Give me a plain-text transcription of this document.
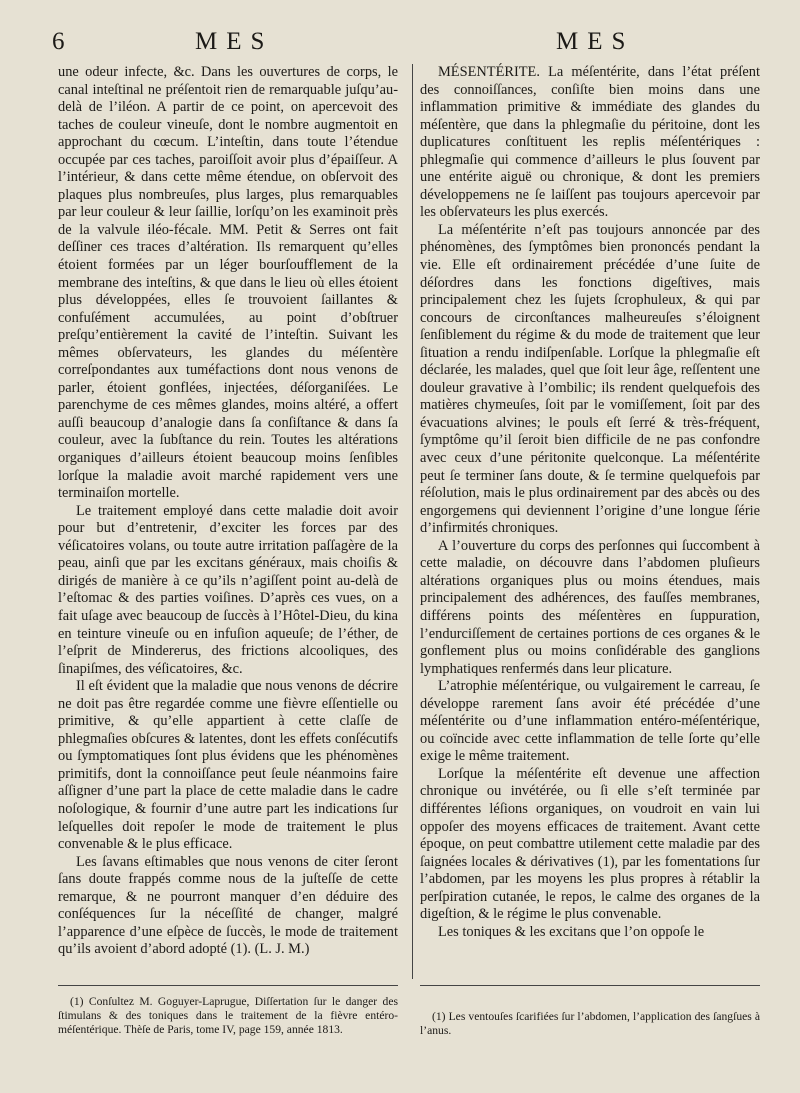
6	MES	MES

une odeur infecte, &c. Dans les ouvertures de corps, le canal inteſtinal ne préſentoit rien de remarquable juſqu’au-delà de l’iléon. A partir de ce point, on apercevoit des taches de couleur vineuſe, dont le nombre augmentoit en approchant du cœcum. L’inteſtin, dans toute l’étendue occupée par ces taches, paroiſſoit avoir plus d’épaiſſeur. A l’intérieur, & dans cette même étendue, on obſervoit des plaques plus nombreuſes, plus larges, plus remarquables par leur couleur & leur ſaillie, lorſqu’on les examinoit près de la valvule iléo-fécale. MM. Petit & Serres ont fait deſſiner ces traces d’altération. Ils remarquent qu’elles étoient formées par un léger bourſoufflement de la membrane des inteſtins, & que dans le lieu où elles étoient plus développées, elles ſe trouvoient ſaillantes & confuſément accumulées, au point d’obſtruer preſqu’entièrement la cavité de l’inteſtin. Suivant les mêmes obſervateurs, les glandes du méſentère correſpondantes aux tuméfactions dont nous venons de parler, étoient gonflées, injectées, déſorganiſées. Le parenchyme de ces mêmes glandes, moins altéré, a offert auſſi beaucoup d’analogie dans ſa conſiſtance & dans ſa couleur, avec la ſubſtance du rein. Toutes les altérations organiques d’ailleurs étoient beaucoup moins ſenſibles lorſque la maladie avoit marché rapidement vers une terminaiſon mortelle.

Le traitement employé dans cette maladie doit avoir pour but d’entretenir, d’exciter les forces par des véſicatoires volans, ou toute autre irritation paſſagère de la peau, ainſi que par les excitans généraux, mais choiſis & dirigés de manière à ce qu’ils n’agiſſent point au-delà de l’eſtomac & des parties voiſines. D’après ces vues, on a fait uſage avec beaucoup de ſuccès à l’Hôtel-Dieu, du kina en teinture vineuſe ou en infuſion aqueuſe; de l’éther, de l’eſprit de Mindererus, des frictions alcooliques, des ſinapiſmes, des véſicatoires, &c.

Il eſt évident que la maladie que nous venons de décrire ne doit pas être regardée comme une fièvre eſſentielle ou primitive, & qu’elle appartient à cette claſſe de phlegmaſies obſcures & latentes, dont les effets conſécutifs ou ſymptomatiques ſont plus évidens que les phénomènes primitifs, dont la connoiſſance peut ſeule néanmoins faire aſſigner d’une part la place de cette maladie dans le cadre noſologique, & fournir d’une autre part les indications ſur leſquelles doit repoſer le mode de traitement le plus convenable & le plus efficace.

Les ſavans eſtimables que nous venons de citer ſeront ſans doute frappés comme nous de la juſteſſe de cette remarque, & ne pourront manquer d’en déduire des conſéquences ſur la néceſſité de changer, malgré l’apparence d’une eſpèce de ſuccès, le mode de traitement qu’ils avoient d’abord adopté (1). (L. J. M.)

MÉSENTÉRITE. La méſentérite, dans l’état préſent des connoiſſances, conſiſte bien moins dans une inflammation primitive & immédiate des glandes du méſentère, que dans la phlegmaſie du péritoine, dont les duplicatures conſtituent les replis méſentériques : phlegmaſie qui commence d’ailleurs le plus ſouvent par une entérite aiguë ou chronique, & dont les premiers développemens ne ſe laiſſent pas toujours apercevoir par les obſervateurs les plus exercés.

La méſentérite n’eſt pas toujours annoncée par des phénomènes, des ſymptômes bien prononcés pendant la vie. Elle eſt ordinairement précédée d’une ſuite de déſordres dans les fonctions digeſtives, mais principalement chez les ſujets ſcrophuleux, & qui par concours de circonſtances malheureuſes s’éloignent ſenſiblement du régime & du mode de traitement que leur ſituation a rendu indiſpenſable. Lorſque la phlegmaſie eſt déclarée, les malades, quel que ſoit leur âge, reſſentent une douleur gravative à l’ombilic; ils rendent quelquefois des matières chymeuſes, ſoit par le vomiſſement, ſoit par des évacuations alvines; le pouls eſt ſerré & très-fréquent, ſymptôme qu’il ſeroit bien difficile de ne pas confondre avec ceux d’une péritonite quelconque. La méſentérite peut ſe terminer ſans doute, & ſe termine quelquefois par réſolution, mais le plus ordinairement par des abcès ou des engorgemens qui deviennent l’origine d’une longue ſérie d’infirmités chroniques.

A l’ouverture du corps des perſonnes qui ſuccombent à cette maladie, on découvre dans l’abdomen pluſieurs altérations organiques plus ou moins étendues, mais principalement des adhérences, des fauſſes membranes, différens points des méſentères en ſuppuration, l’endurciſſement de certaines portions de ces organes & le gonflement plus ou moins conſidérable des ganglions lymphatiques renfermés dans leur plicature.

L’atrophie méſentérique, ou vulgairement le carreau, ſe développe rarement ſans avoir été précédée d’une méſentérite ou d’une inflammation entéro-méſentérique, ou coïncide avec cette inflammation de telle ſorte qu’elle exige le même traitement.

Lorſque la méſentérite eſt devenue une affection chronique ou invétérée, ou ſi elle s’eſt terminée par différentes léſions organiques, on voudroit en vain lui oppoſer des moyens efficaces de traitement. Avant cette époque, on peut combattre utilement cette maladie par des ſaignées locales & dérivatives (1), par les fomentations ſur l’abdomen, par les moyens les plus propres à rétablir la perſpiration cutanée, le repos, le calme des organes de la digeſtion, & le régime le plus convenable.

Les toniques & les excitans que l’on oppoſe le

(1) Conſultez M. Goguyer-Laprugue, Diſſertation ſur le danger des ſtimulans & des toniques dans le traitement de la fièvre entéro-méſentérique. Thèſe de Paris, tome IV, page 159, année 1813.

(1) Les ventouſes ſcarifiées ſur l’abdomen, l’application des ſangſues à l’anus.
